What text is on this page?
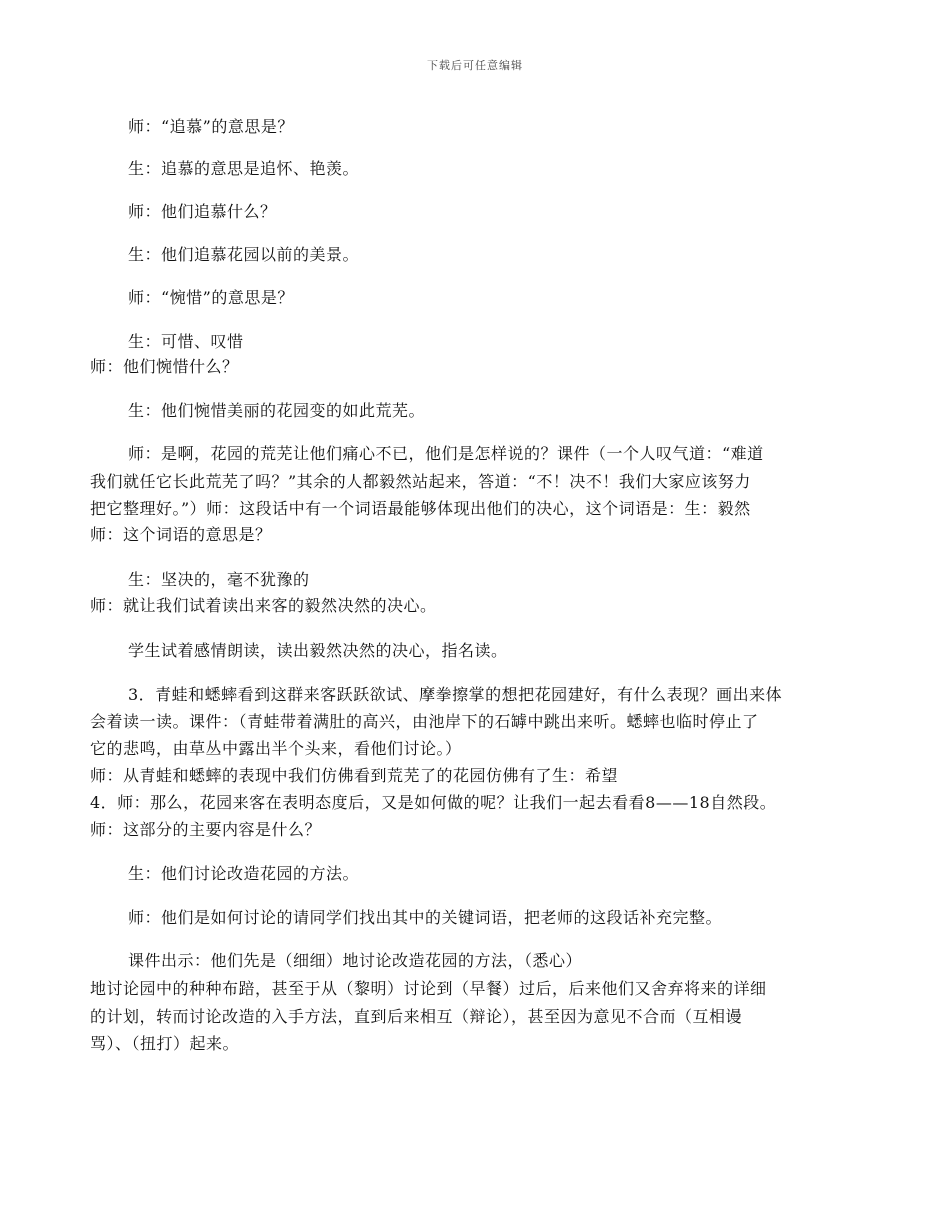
下载后可任意编辑
师：“追慕”的意思是？
生：追慕的意思是追怀、艳羡。
师：他们追慕什么？
生：他们追慕花园以前的美景。
师：“惋惜”的意思是？
生：可惜、叹惜
师：他们惋惜什么？
生：他们惋惜美丽的花园变的如此荒芜。
师：是啊，花园的荒芜让他们痛心不已，他们是怎样说的？课件（一个人叹气道：“难道
我们就任它长此荒芜了吗？”其余的人都毅然站起来，答道：“不！决不！我们大家应该努力
把它整理好。”）师：这段话中有一个词语最能够体现出他们的决心，这个词语是：生：毅然
师：这个词语的意思是？
生：坚决的，毫不犹豫的
师：就让我们试着读出来客的毅然决然的决心。
学生试着感情朗读，读出毅然决然的决心，指名读。
3．青蛙和蟋蟀看到这群来客跃跃欲试、摩拳擦掌的想把花园建好，有什么表现？画出来体
会着读一读。课件：（青蛙带着满肚的高兴，由池岸下的石罅中跳出来听。蟋蟀也临时停止了
它的悲鸣，由草丛中露出半个头来，看他们讨论。）
师：从青蛙和蟋蟀的表现中我们仿佛看到荒芜了的花园仿佛有了生：希望
4．师：那么，花园来客在表明态度后，又是如何做的呢？让我们一起去看看8——18自然段。
师：这部分的主要内容是什么？
生：他们讨论改造花园的方法。
师：他们是如何讨论的请同学们找出其中的关键词语，把老师的这段话补充完整。
课件出示：他们先是（细细）地讨论改造花园的方法，（悉心）
地讨论园中的种种布踣，甚至于从（黎明）讨论到（早餐）过后，后来他们又舍弃将来的详细
的计划，转而讨论改造的入手方法，直到后来相互（辩论），甚至因为意见不合而（互相谩
骂）、（扭打）起来。
